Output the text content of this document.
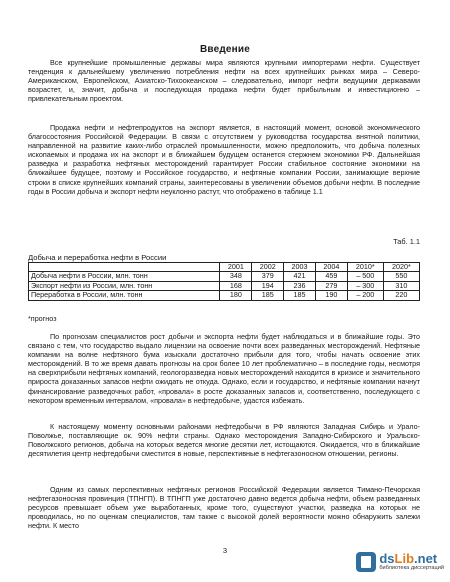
Введение

Все крупнейшие промышленные державы мира являются крупными импортерами нефти. Существует тенденция к дальнейшему увеличению потребления нефти на всех крупнейших рынках мира – Северо-Американском, Европейском, Азиатско-Тихоокеанском – следовательно, импорт нефти ведущими державами возрастет, и, значит, добыча и последующая продажа нефти будет прибыльным и инвестиционно – привлекательным проектом.

Продажа нефти и нефтепродуктов на экспорт является, в настоящий момент, основой экономического благосостояния Российской Федерации. В связи с отсутствием у руководства государства внятной политики, направленной на развитие каких-либо отраслей промышленности, можно предположить, что добыча полезных ископаемых и продажа их на экспорт и в ближайшем будущем останется стержнем экономики РФ. Дальнейшая разведка и разработка нефтяных месторождений гарантирует России стабильное состояние экономики на ближайшее будущее, поэтому и Российское государство, и нефтяные компании России, занимающие верхние строки в списке крупнейших компаний страны, заинтересованы в увеличении объемов добычи нефти. В последние годы в России добыча и экспорт нефти неуклонно растут, что отображено в таблице 1.1

Таб. 1.1
Добыча и переработка нефти в России
	2001	2002	2003	2004	2010*	2020*
Добыча нефти в России, млн. тонн	348	379	421	459	– 500	550
Экспорт нефти из России, млн. тонн	168	194	236	279	– 300	310
Переработка в России, млн. тонн	180	185	185	190	– 200	220
*прогноз

По прогнозам специалистов рост добычи и экспорта нефти будет наблюдаться и в ближайшие годы. Это связано с тем, что государство выдало лицензии на освоение почти всех разведанных месторождений. Нефтяные компании на волне нефтяного бума изыскали достаточно прибыли для того, чтобы начать освоение этих месторождений. В то же время давать прогнозы на срок более 10 лет проблематично – в последние годы, несмотря на сверхприбыли нефтяных компаний, геологоразведка новых месторождений находится в кризисе и значительного прироста доказанных запасов нефти ожидать не откуда. Однако, если и государство, и нефтяные компании начнут финансирование разведочных работ, «провала» в росте доказанных запасов и, соответственно, последующего с некотором временным интервалом, «провала» в нефтедобыче, удастся избежать.

К настоящему моменту основными районами нефтедобычи в РФ являются Западная Сибирь и Урало-Поволжье, поставляющие ок. 90% нефти страны. Однако месторождения Западно-Сибирского и Уральско-Поволжского регионов, добыча на которых ведется многие десятки лет, истощаются. Ожидается, что в ближайшие десятилетия центр нефтедобычи сместится в новые, перспективные в нефтегазоносном отношении, регионы.

Одним из самых перспективных нефтяных регионов Российской Федерации является Тимано-Печорская нефтегазоносная провинция (ТПНГП). В ТПНГП уже достаточно давно ведется добыча нефти, объем разведанных ресурсов превышает объем уже выработанных, кроме того, существуют участки, разведка на которых не проводилась, но по оценкам специалистов, там также с высокой долей вероятности можно обнаружить залежи нефти. К место

3
dsLib.net
библиотека диссертаций
